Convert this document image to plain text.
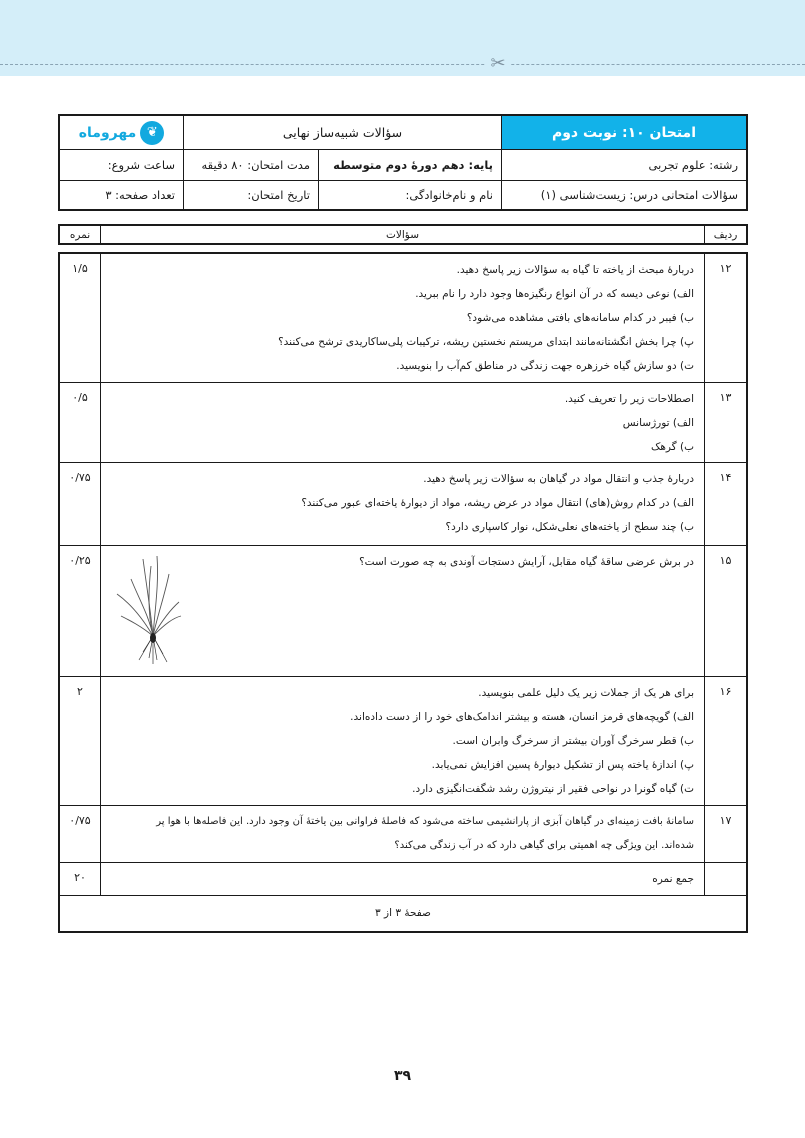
✂
امتحان ۱۰: نوبت دوم
سؤالات شبیه‌ساز نهایی
❦
مهروماه
رشته: علوم تجربی
پایه: دهم دورهٔ دوم متوسطه
مدت امتحان: ۸۰ دقیقه
ساعت شروع:
سؤالات امتحانی درس: زیست‌شناسی (۱)
نام و نام‌خانوادگی:
تاریخ امتحان:
تعداد صفحه: ۳
ردیف
سؤالات
نمره
۱۲
دربارهٔ مبحث از یاخته تا گیاه به سؤالات زیر پاسخ دهید.
الف) نوعی دیسه که در آن انواع رنگیزه‌ها وجود دارد را نام ببرید.
ب) فیبر در کدام سامانه‌های بافتی مشاهده می‌شود؟
پ) چرا بخش انگشتانه‌مانند ابتدای مریستم نخستین ریشه، ترکیبات پلی‌ساکاریدی ترشح می‌کنند؟
ت) دو سازش گیاه خرزهره جهت زندگی در مناطق کم‌آب را بنویسید.
۱/۵
۱۳
اصطلاحات زیر را تعریف کنید.
الف) تورژسانس
ب) گرهک
۰/۵
۱۴
دربارهٔ جذب و انتقال مواد در گیاهان به سؤالات زیر پاسخ دهید.
الف) در کدام روش(های) انتقال مواد در عرض ریشه، مواد از دیوارهٔ یاخته‌ای عبور می‌کنند؟
ب) چند سطح از یاخته‌های نعلی‌شکل، نوار کاسپاری دارد؟
۰/۷۵
۱۵
در برش عرضی ساقهٔ گیاه مقابل، آرایش دستجات آوندی به چه صورت است؟
۰/۲۵
۱۶
برای هر یک از جملات زیر یک دلیل علمی بنویسید.
الف) گویچه‌های قرمز انسان، هسته و بیشتر اندامک‌های خود را از دست داده‌اند.
ب) قطر سرخرگ آوران بیشتر از سرخرگ وابران است.
پ) اندازهٔ یاخته پس از تشکیل دیوارهٔ پسین افزایش نمی‌یابد.
ت) گیاه گونرا در نواحی فقیر از نیتروژن رشد شگفت‌انگیزی دارد.
۲
۱۷
سامانهٔ بافت زمینه‌ای در گیاهان آبزی از پارانشیمی ساخته می‌شود که فاصلهٔ فراوانی بین یاختهٔ آن وجود دارد. این فاصله‌ها با هوا پر
شده‌اند. این ویژگی چه اهمیتی برای گیاهی دارد که در آب زندگی می‌کند؟
۰/۷۵
جمع نمره
۲۰
صفحهٔ ۳ از ۳
۳۹
